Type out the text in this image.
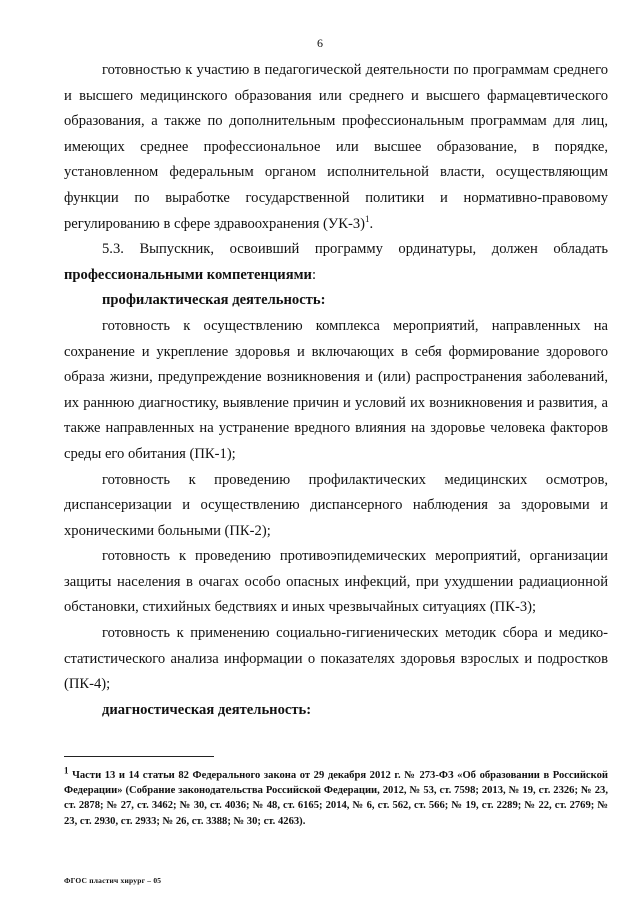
6

готовностью к участию в педагогической деятельности по программам среднего и высшего медицинского образования или среднего и высшего фармацевтического образования, а также по дополнительным профессиональным программам для лиц, имеющих среднее профессиональное или высшее образование, в порядке, установленном федеральным органом исполнительной власти, осуществляющим функции по выработке государственной политики и нормативно-правовому регулированию в сфере здравоохранения $(УК-3)^1$.

5.3. Выпускник, освоивший программу ординатуры, должен обладать профессиональными компетенциями:

профилактическая деятельность:

готовность к осуществлению комплекса мероприятий, направленных на сохранение и укрепление здоровья и включающих в себя формирование здорового образа жизни, предупреждение возникновения и (или) распространения заболеваний, их раннюю диагностику, выявление причин и условий их возникновения и развития, а также направленных на устранение вредного влияния на здоровье человека факторов среды его обитания (ПК-1);

готовность к проведению профилактических медицинских осмотров, диспансеризации и осуществлению диспансерного наблюдения за здоровыми и хроническими больными (ПК-2);

готовность к проведению противоэпидемических мероприятий, организации защиты населения в очагах особо опасных инфекций, при ухудшении радиационной обстановки, стихийных бедствиях и иных чрезвычайных ситуациях (ПК-3);

готовность к применению социально-гигиенических методик сбора и медико-статистического анализа информации о показателях здоровья взрослых и подростков (ПК-4);

диагностическая деятельность:

$^1$ Части 13 и 14 статьи 82 Федерального закона от 29 декабря 2012 г. № 273-ФЗ «Об образовании в Российской Федерации» (Собрание законодательства Российской Федерации, 2012, № 53, ст. 7598; 2013, № 19, ст. 2326; № 23, ст. 2878; № 27, ст. 3462; № 30, ст. 4036; № 48, ст. 6165; 2014, № 6, ст. 562, ст. 566; № 19, ст. 2289; № 22, ст. 2769; № 23, ст. 2930, ст. 2933; № 26, ст. 3388; № 30; ст. 4263).

ФГОС пластич хирург – 05
